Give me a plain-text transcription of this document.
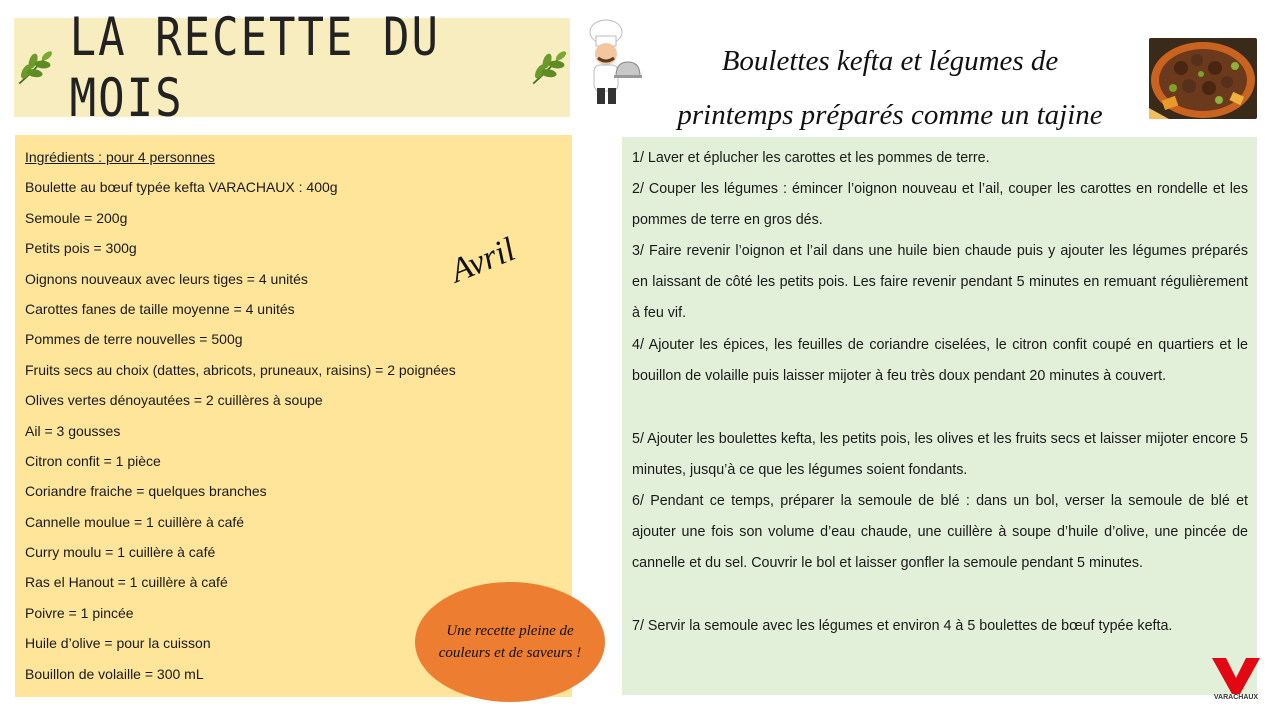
LA RECETTE DU MOIS
Boulettes kefta et légumes de
printemps préparés comme un tajine
Ingrédients : pour 4 personnes
Boulette au bœuf typée kefta VARACHAUX : 400g
Semoule = 200g
Petits pois = 300g
Oignons nouveaux avec leurs tiges = 4 unités
Carottes fanes de taille moyenne = 4 unités
Pommes de terre nouvelles = 500g
Fruits secs au choix (dattes, abricots, pruneaux, raisins) = 2 poignées
Olives vertes dénoyautées = 2 cuillères à soupe
Ail = 3 gousses
Citron confit = 1 pièce
Coriandre fraiche = quelques branches
Cannelle moulue = 1 cuillère à café
Curry moulu = 1 cuillère à café
Ras el Hanout = 1 cuillère à café
Poivre = 1 pincée
Huile d’olive = pour la cuisson
Bouillon de volaille = 300 mL
Avril

1/ Laver et éplucher les carottes et les pommes de terre.

2/ Couper les légumes : émincer l’oignon nouveau et l’ail, couper les carottes en rondelle et les pommes de terre en gros dés.

3/ Faire revenir l’oignon et l’ail dans une huile bien chaude puis y ajouter les légumes préparés en laissant de côté les petits pois. Les faire revenir pendant 5 minutes en remuant régulièrement à feu vif.

4/ Ajouter les épices, les feuilles de coriandre ciselées, le citron confit coupé en quartiers et le bouillon de volaille puis laisser mijoter à feu très doux pendant 20 minutes à couvert.

5/ Ajouter les boulettes kefta, les petits pois, les olives et les fruits secs et laisser mijoter encore 5 minutes, jusqu’à ce que les légumes soient fondants.

6/ Pendant ce temps, préparer la semoule de blé : dans un bol, verser la semoule de blé et ajouter une fois son volume d’eau chaude, une cuillère à soupe d’huile d’olive, une pincée de cannelle et du sel. Couvrir le bol et laisser gonfler la semoule pendant 5 minutes.

7/ Servir la semoule avec les légumes et environ 4 à 5 boulettes de bœuf typée kefta.

Une recette pleine de couleurs et de saveurs !
VARACHAUX
